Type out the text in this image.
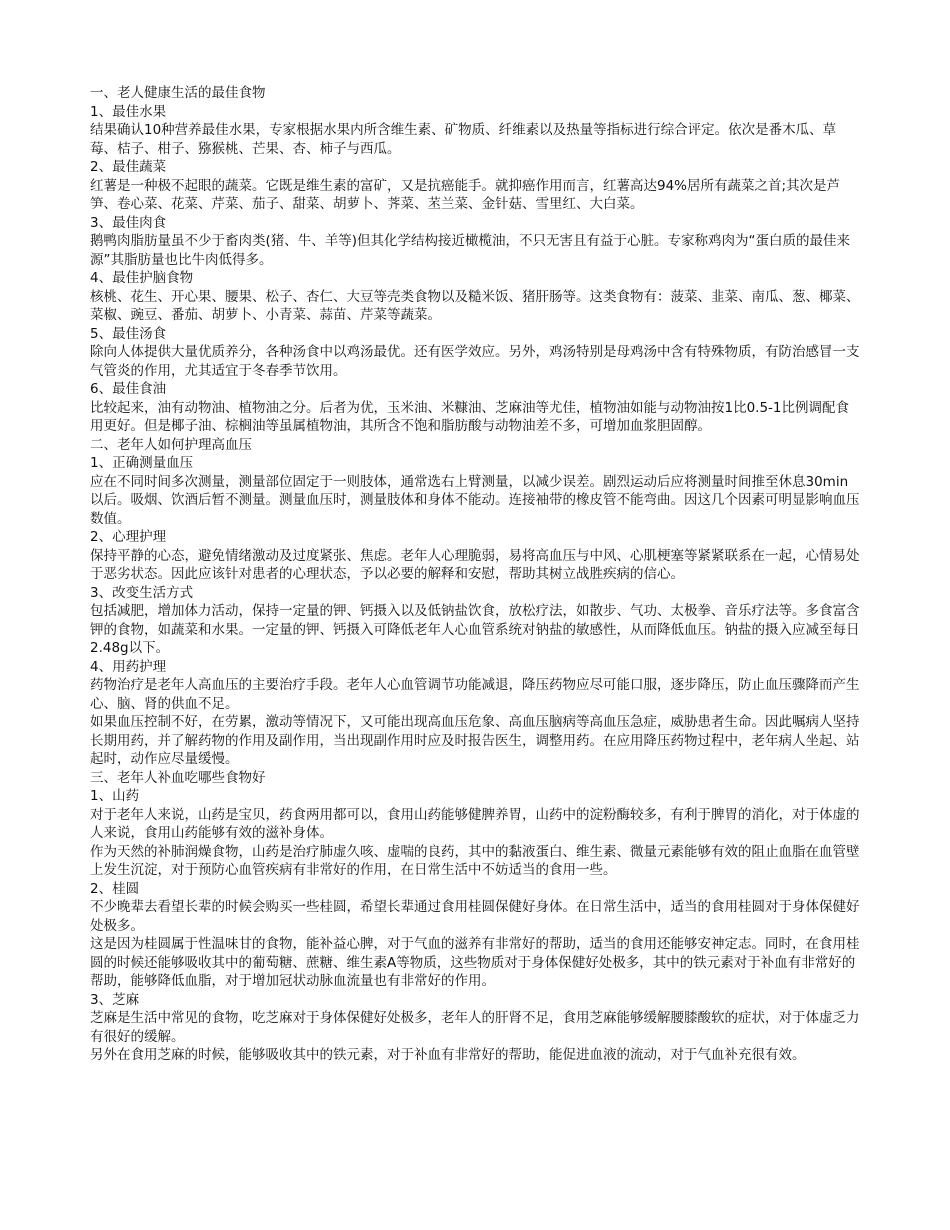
一、老人健康生活的最佳食物

1、最佳水果

结果确认10种营养最佳水果，专家根据水果内所含维生素、矿物质、纤维素以及热量等指标进行综合评定。依次是番木瓜、草莓、桔子、柑子、猕猴桃、芒果、杏、柿子与西瓜。

2、最佳蔬菜

红薯是一种极不起眼的蔬菜。它既是维生素的富矿，又是抗癌能手。就抑癌作用而言，红薯高达94%居所有蔬菜之首;其次是芦笋、卷心菜、花菜、芹菜、茄子、甜菜、胡萝卜、荠菜、苤兰菜、金针菇、雪里红、大白菜。

3、最佳肉食

鹅鸭肉脂肪量虽不少于畜肉类(猪、牛、羊等)但其化学结构接近橄榄油，不只无害且有益于心脏。专家称鸡肉为“蛋白质的最佳来源”其脂肪量也比牛肉低得多。

4、最佳护脑食物

核桃、花生、开心果、腰果、松子、杏仁、大豆等壳类食物以及糙米饭、猪肝肠等。这类食物有：菠菜、韭菜、南瓜、葱、椰菜、菜椒、豌豆、番茄、胡萝卜、小青菜、蒜苗、芹菜等蔬菜。

5、最佳汤食

除向人体提供大量优质养分，各种汤食中以鸡汤最优。还有医学效应。另外，鸡汤特别是母鸡汤中含有特殊物质，有防治感冒一支气管炎的作用，尤其适宜于冬春季节饮用。

6、最佳食油

比较起来，油有动物油、植物油之分。后者为优，玉米油、米糠油、芝麻油等尤佳，植物油如能与动物油按1比0.5-1比例调配食用更好。但是椰子油、棕榈油等虽属植物油，其所含不饱和脂肪酸与动物油差不多，可增加血浆胆固醇。

二、老年人如何护理高血压

1、正确测量血压

应在不同时间多次测量，测量部位固定于一则肢体，通常选右上臂测量，以减少误差。剧烈运动后应将测量时间推至休息30min以后。吸烟、饮酒后暂不测量。测量血压时，测量肢体和身体不能动。连接袖带的橡皮管不能弯曲。因这几个因素可明显影响血压数值。

2、心理护理

保持平静的心态，避免情绪激动及过度紧张、焦虑。老年人心理脆弱，易将高血压与中风、心肌梗塞等紧紧联系在一起，心情易处于恶劣状态。因此应该针对患者的心理状态，予以必要的解释和安慰，帮助其树立战胜疾病的信心。

3、改变生活方式

包括减肥，增加体力活动，保持一定量的钾、钙摄入以及低钠盐饮食，放松疗法，如散步、气功、太极拳、音乐疗法等。多食富含钾的食物，如蔬菜和水果。一定量的钾、钙摄入可降低老年人心血管系统对钠盐的敏感性，从而降低血压。钠盐的摄入应减至每日2.48g以下。

4、用药护理

药物治疗是老年人高血压的主要治疗手段。老年人心血管调节功能减退，降压药物应尽可能口服，逐步降压，防止血压骤降而产生心、脑、肾的供血不足。

如果血压控制不好，在劳累，激动等情况下，又可能出现高血压危象、高血压脑病等高血压急症，威胁患者生命。因此嘱病人坚持长期用药，并了解药物的作用及副作用，当出现副作用时应及时报告医生，调整用药。在应用降压药物过程中，老年病人坐起、站起时，动作应尽量缓慢。

三、老年人补血吃哪些食物好

1、山药

对于老年人来说，山药是宝贝，药食两用都可以，食用山药能够健脾养胃，山药中的淀粉酶较多，有利于脾胃的消化，对于体虚的人来说，食用山药能够有效的滋补身体。

作为天然的补肺润燥食物，山药是治疗肺虚久咳、虚喘的良药，其中的黏液蛋白、维生素、微量元素能够有效的阻止血脂在血管壁上发生沉淀，对于预防心血管疾病有非常好的作用，在日常生活中不妨适当的食用一些。

2、桂圆

不少晚辈去看望长辈的时候会购买一些桂圆，希望长辈通过食用桂圆保健好身体。在日常生活中，适当的食用桂圆对于身体保健好处极多。

这是因为桂圆属于性温味甘的食物，能补益心脾，对于气血的滋养有非常好的帮助，适当的食用还能够安神定志。同时，在食用桂圆的时候还能够吸收其中的葡萄糖、蔗糖、维生素A等物质，这些物质对于身体保健好处极多，其中的铁元素对于补血有非常好的帮助，能够降低血脂，对于增加冠状动脉血流量也有非常好的作用。

3、芝麻

芝麻是生活中常见的食物，吃芝麻对于身体保健好处极多，老年人的肝肾不足，食用芝麻能够缓解腰膝酸软的症状，对于体虚乏力有很好的缓解。

另外在食用芝麻的时候，能够吸收其中的铁元素，对于补血有非常好的帮助，能促进血液的流动，对于气血补充很有效。
